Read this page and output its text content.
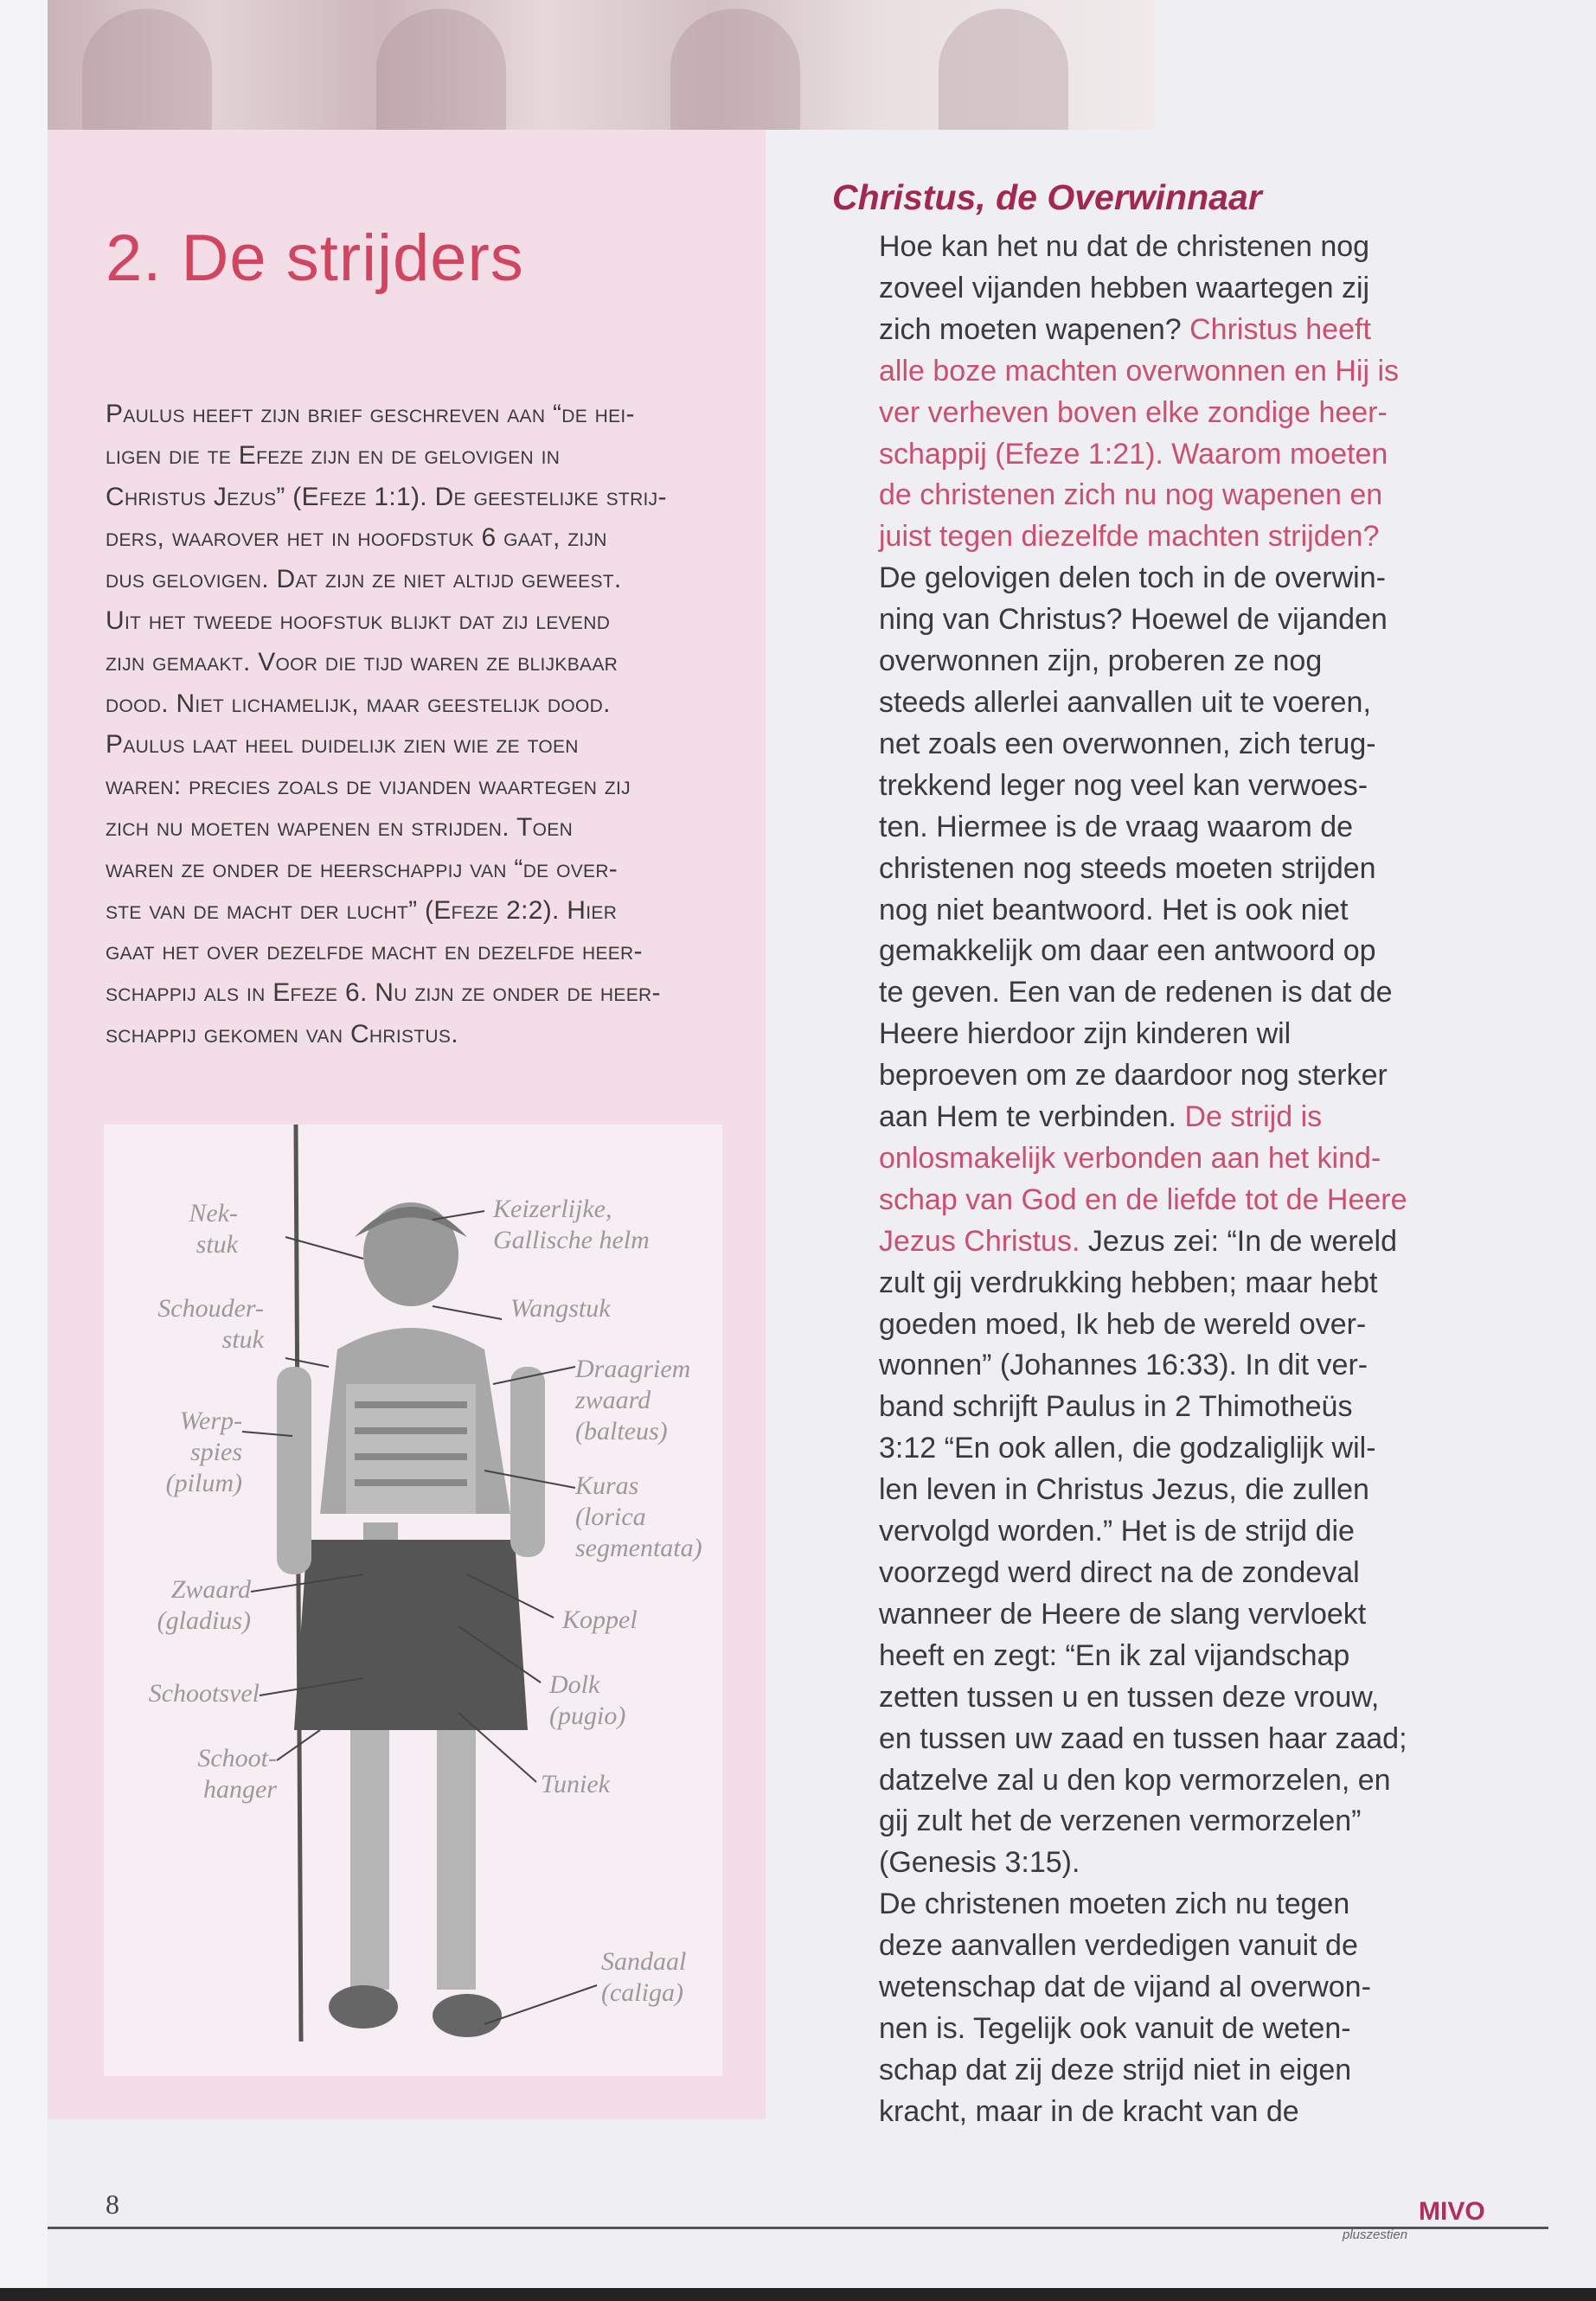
2. De strijders
Paulus heeft zijn brief geschreven aan “de hei-
ligen die te Efeze zijn en de gelovigen in
Christus Jezus” (Efeze 1:1). De geestelijke strij-
ders, waarover het in hoofdstuk 6 gaat, zijn
dus gelovigen. Dat zijn ze niet altijd geweest.
Uit het tweede hoofstuk blijkt dat zij levend
zijn gemaakt. Voor die tijd waren ze blijkbaar
dood. Niet lichamelijk, maar geestelijk dood.
Paulus laat heel duidelijk zien wie ze toen
waren: precies zoals de vijanden waartegen zij
zich nu moeten wapenen en strijden. Toen
waren ze onder de heerschappij van “de over-
ste van de macht der lucht” (Efeze 2:2). Hier
gaat het over dezelfde macht en dezelfde heer-
schappij als in Efeze 6. Nu zijn ze onder de heer-
schappij gekomen van Christus.
Nek-
stuk
Keizerlijke,
Gallische helm
Schouder-
stuk
Wangstuk
Werp-
spies
(pilum)
Draagriem
zwaard
(balteus)
Kuras
(lorica
segmentata)
Zwaard
(gladius)	Koppel
Schootsvel	Dolk
(pugio)
Schoot-
hanger	Tuniek
Sandaal
(caliga)
Christus, de Overwinnaar
Hoe kan het nu dat de christenen nog
zoveel vijanden hebben waartegen zij
zich moeten wapenen? Christus heeft
alle boze machten overwonnen en Hij is
ver verheven boven elke zondige heer-
schappij (Efeze 1:21). Waarom moeten
de christenen zich nu nog wapenen en
juist tegen diezelfde machten strijden?
De gelovigen delen toch in de overwin-
ning van Christus? Hoewel de vijanden
overwonnen zijn, proberen ze nog
steeds allerlei aanvallen uit te voeren,
net zoals een overwonnen, zich terug-
trekkend leger nog veel kan verwoes-
ten. Hiermee is de vraag waarom de
christenen nog steeds moeten strijden
nog niet beantwoord. Het is ook niet
gemakkelijk om daar een antwoord op
te geven. Een van de redenen is dat de
Heere hierdoor zijn kinderen wil
beproeven om ze daardoor nog sterker
aan Hem te verbinden. De strijd is
onlosmakelijk verbonden aan het kind-
schap van God en de liefde tot de Heere
Jezus Christus. Jezus zei: “In de wereld
zult gij verdrukking hebben; maar hebt
goeden moed, Ik heb de wereld over-
wonnen” (Johannes 16:33). In dit ver-
band schrijft Paulus in 2 Thimotheüs
3:12 “En ook allen, die godzaliglijk wil-
len leven in Christus Jezus, die zullen
vervolgd worden.” Het is de strijd die
voorzegd werd direct na de zondeval
wanneer de Heere de slang vervloekt
heeft en zegt: “En ik zal vijandschap
zetten tussen u en tussen deze vrouw,
en tussen uw zaad en tussen haar zaad;
datzelve zal u den kop vermorzelen, en
gij zult het de verzenen vermorzelen”
(Genesis 3:15).
De christenen moeten zich nu tegen
deze aanvallen verdedigen vanuit de
wetenschap dat de vijand al overwon-
nen is. Tegelijk ook vanuit de weten-
schap dat zij deze strijd niet in eigen
kracht, maar in de kracht van de
8	MIVO
pluszestien
